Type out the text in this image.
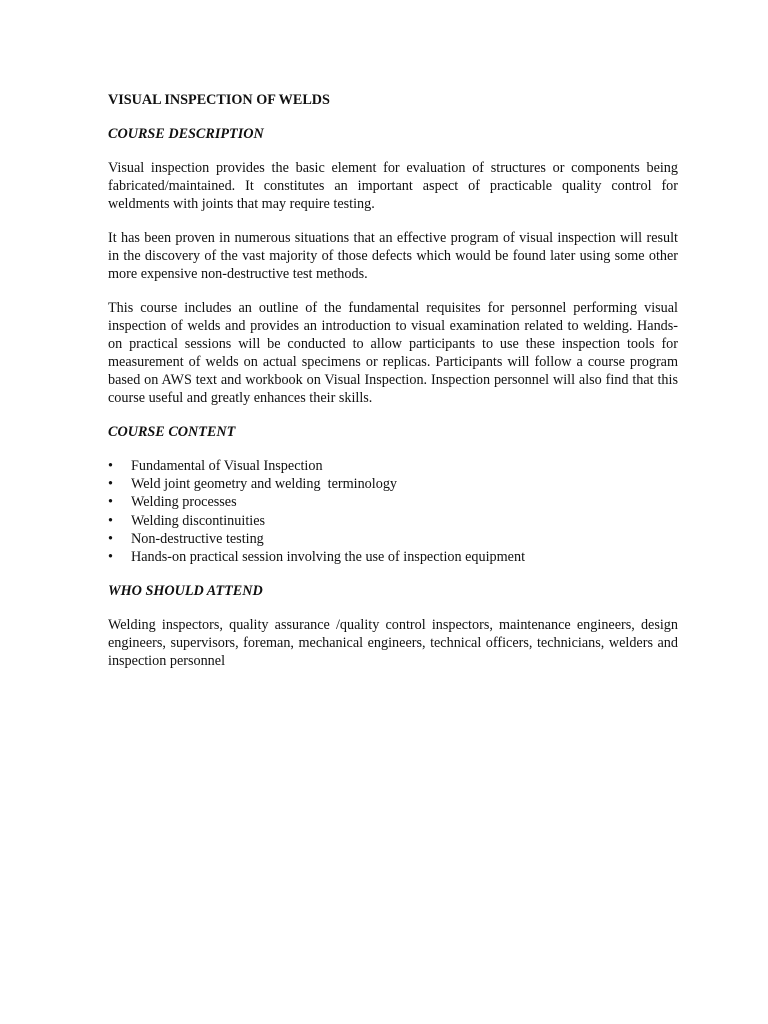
VISUAL INSPECTION OF WELDS
COURSE DESCRIPTION

Visual inspection provides the basic element for evaluation of structures or components being fabricated/maintained. It constitutes an important aspect of practicable quality control for weldments with joints that may require testing.

It has been proven in numerous situations that an effective program of visual inspection will result in the discovery of the vast majority of those defects which would be found later using some other more expensive non-destructive test methods.

This course includes an outline of the fundamental requisites for personnel performing visual inspection of welds and provides an introduction to visual examination related to welding. Hands-on practical sessions will be conducted to allow participants to use these inspection tools for measurement of welds on actual specimens or replicas. Participants will follow a course program based on AWS text and workbook on Visual Inspection. Inspection personnel will also find that this course useful and greatly enhances their skills.

COURSE CONTENT
•	Fundamental of Visual Inspection
•	Weld joint geometry and welding  terminology
•	Welding processes
•	Welding discontinuities
•	Non-destructive testing
•	Hands-on practical session involving the use of inspection equipment
WHO SHOULD ATTEND

Welding inspectors, quality assurance /quality control inspectors, maintenance engineers, design engineers, supervisors, foreman, mechanical engineers, technical officers, technicians, welders and inspection personnel
